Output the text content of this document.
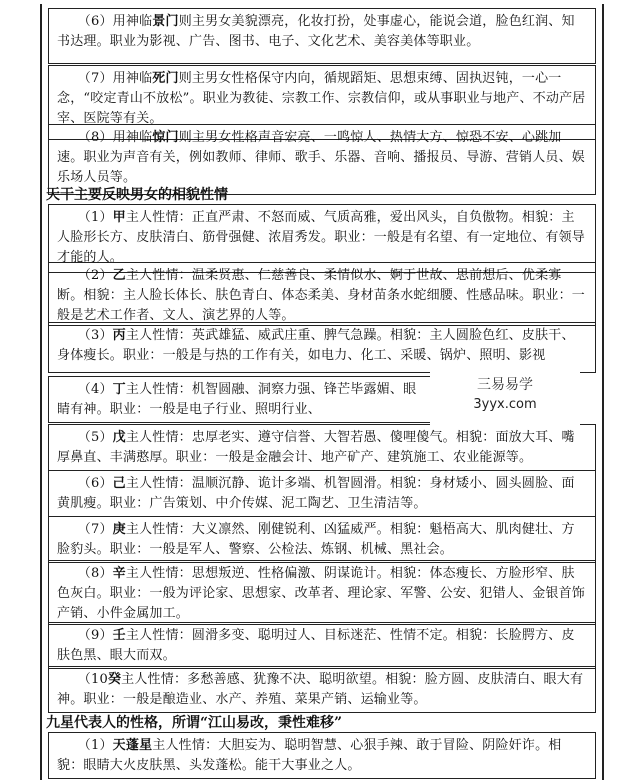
（6）用神临景门则主男女美貌漂亮，化妆打扮，处事虚心，能说会道，脸色红润、知书达理。职业为影视、广告、图书、电子、文化艺术、美容美体等职业。

（7）用神临死门则主男女性格保守内向，循规蹈矩、思想束缚、固执迟钝，一心一念，“咬定青山不放松”。职业为教徒、宗教工作、宗教信仰，或从事职业与地产、不动产居宰、医院等有关。

（8）用神临惊门则主男女性格声音宏亮、一鸣惊人、热情大方、惊恐不安、心跳加速。职业为声音有关，例如教师、律师、歌手、乐器、音响、播报员、导游、营销人员、娱乐场人员等。

天干主要反映男女的相貌性情

（1）甲主人性情：正直严肃、不怒而威、气质高雅，爱出风头，自负傲物。相貌：主人脸形长方、皮肤清白、筋骨强健、浓眉秀发。职业：一般是有名望、有一定地位、有领导才能的人。

（2）乙主人性情：温柔贤惠、仁慈善良、柔情似水、婀于世故、思前想后、优柔寡断。相貌：主人脸长体长、肤色青白、体态柔美、身材苗条水蛇细腰、性感品味。职业：一般是艺术工作者、文人、演艺界的人等。

（3）丙主人性情：英武雄猛、威武庄重、脾气急躁。相貌：主人圆脸色红、皮肤干、身体瘦长。职业：一般是与热的工作有关，如电力、化工、采暖、锅炉、照明、影视

（4）丁主人性情：机智圆融、洞察力强、锋芒毕露媚、眼睛有神。职业：一般是电子行业、照明行业、

（5）戊主人性情：忠厚老实、遵守信誉、大智若愚、傻哩傻气。相貌：面放大耳、嘴厚鼻直、丰满憨厚。职业：一般是金融会计、地产矿产、建筑施工、农业能源等。

（6）己主人性情：温顺沉静、诡计多端、机智圆滑。相貌：身材矮小、圆头圆脸、面黄肌瘦。职业：广告策划、中介传媒、泥工陶艺、卫生清洁等。

（7）庚主人性情：大义凛然、刚健锐利、凶猛威严。相貌：魁梧高大、肌肉健壮、方脸豹头。职业：一般是军人、警察、公检法、炼钢、机械、黑社会。

（8）辛主人性情：思想叛逆、性格偏激、阴谋诡计。相貌：体态瘦长、方脸形窄、肤色灰白。职业：一般为评论家、思想家、改革者、理论家、军警、公安、犯错人、金银首饰产销、小件金属加工。

（9）壬主人性情：圆滑多变、聪明过人、目标迷茫、性情不定。相貌：长脸腭方、皮肤色黑、眼大而双。

（10癸主人性情：多愁善感、犹豫不决、聪明欲望。相貌：脸方圆、皮肤清白、眼大有神。职业：一般是酿造业、水产、养殖、菜果产销、运输业等。

九星代表人的性格，所谓“江山易改，秉性难移”

（1）天蓬星主人性情：大胆妄为、聪明智慧、心狠手辣、敢于冒险、阴险奸诈。相貌：眼睛大火皮肤黑、头发蓬松。能干大事业之人。

三易易学
3yyx.com
